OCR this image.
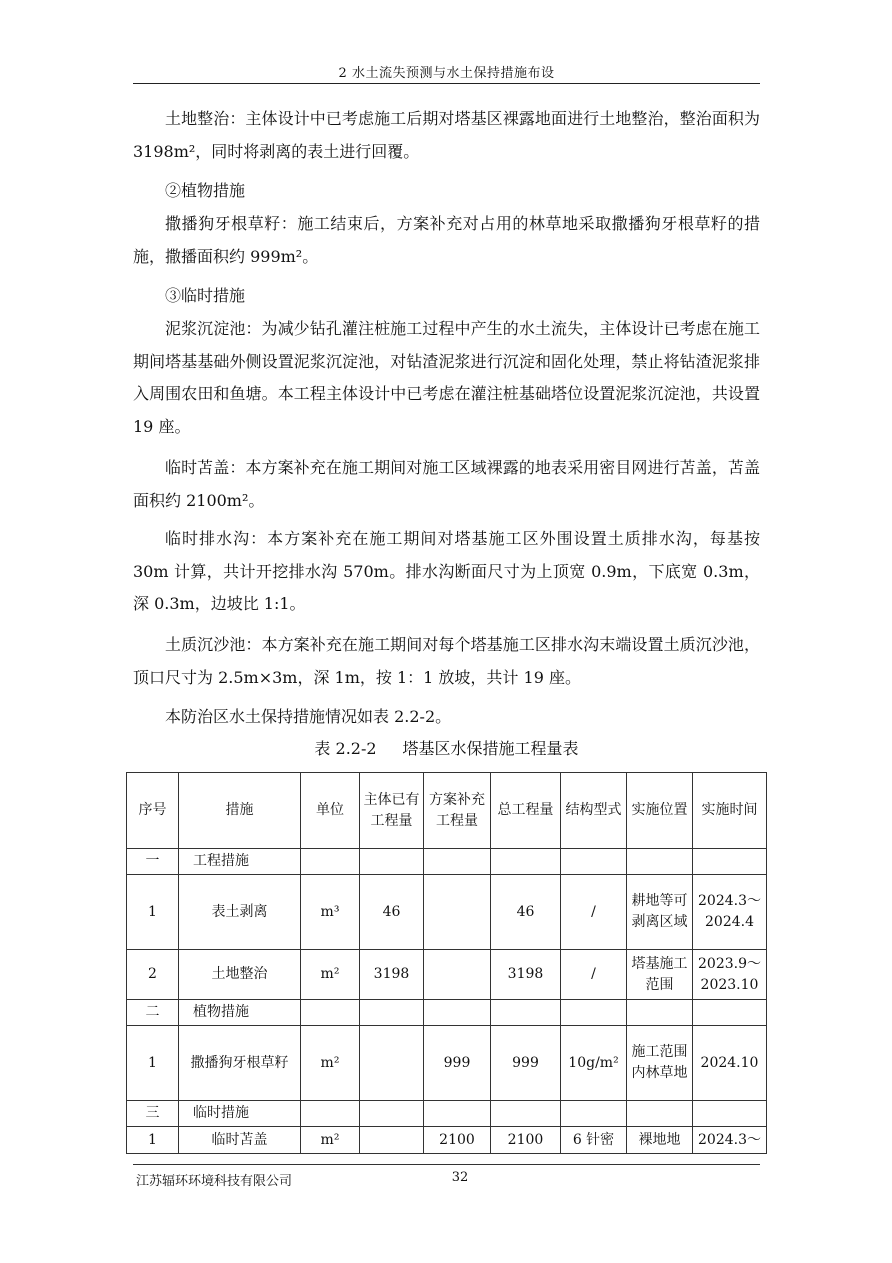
2 水土流失预测与水土保持措施布设

土地整治：主体设计中已考虑施工后期对塔基区裸露地面进行土地整治，整治面积为 3198m²，同时将剥离的表土进行回覆。

②植物措施

撒播狗牙根草籽：施工结束后，方案补充对占用的林草地采取撒播狗牙根草籽的措施，撒播面积约 999m²。

③临时措施

泥浆沉淀池：为减少钻孔灌注桩施工过程中产生的水土流失，主体设计已考虑在施工期间塔基基础外侧设置泥浆沉淀池，对钻渣泥浆进行沉淀和固化处理，禁止将钻渣泥浆排入周围农田和鱼塘。本工程主体设计中已考虑在灌注桩基础塔位设置泥浆沉淀池，共设置 19 座。

临时苫盖：本方案补充在施工期间对施工区域裸露的地表采用密目网进行苫盖，苫盖面积约 2100m²。

临时排水沟：本方案补充在施工期间对塔基施工区外围设置土质排水沟，每基按 30m 计算，共计开挖排水沟 570m。排水沟断面尺寸为上顶宽 0.9m，下底宽 0.3m，深 0.3m，边坡比 1:1。

土质沉沙池：本方案补充在施工期间对每个塔基施工区排水沟末端设置土质沉沙池，顶口尺寸为 2.5m×3m，深 1m，按 1：1 放坡，共计 19 座。

本防治区水土保持措施情况如表 2.2-2。

表 2.2-2 塔基区水保措施工程量表
序号	措施	单位	主体已有工程量	方案补充工程量	总工程量	结构型式	实施位置	实施时间
一	工程措施							
1	表土剥离	m³	46		46	/	耕地等可剥离区域	2024.3～2024.4
2	土地整治	m²	3198		3198	/	塔基施工范围	2023.9～2023.10
二	植物措施							
1	撒播狗牙根草籽	m²		999	999	10g/m²	施工范围内林草地	2024.10
三	临时措施							
1	临时苫盖	m²		2100	2100	6 针密	裸地地	2024.3～
江苏辐环环境科技有限公司	32
